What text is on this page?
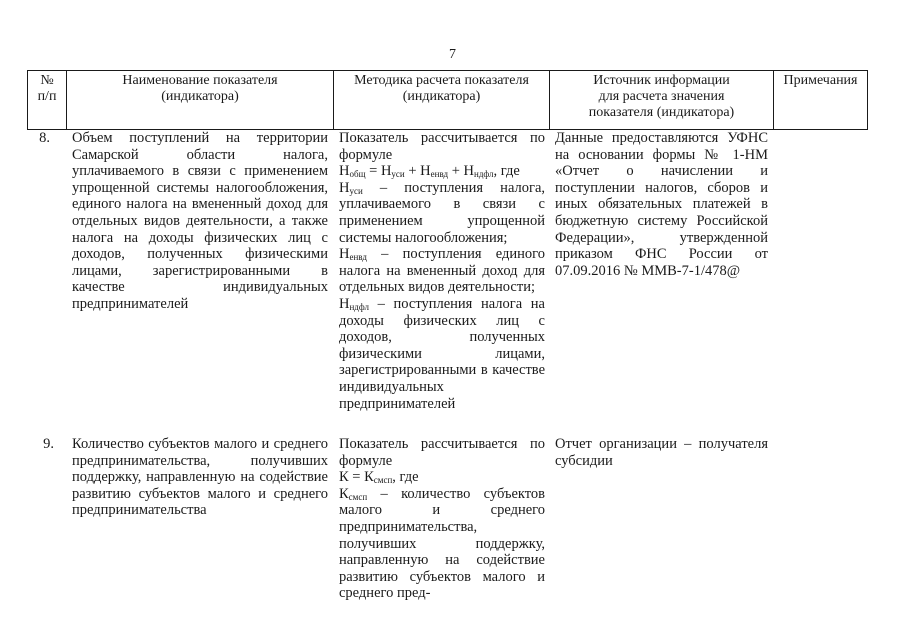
7
№
п/п
Наименование показателя
(индикатора)
Методика расчета показателя
(индикатора)
Источник информации
для расчета значения
показателя (индикатора)
Примечания
8. Объем поступлений на территории Самарской области налога, уплачиваемого в связи с применением упрощенной системы налогообложения, единого налога на вмененный доход для отдельных видов деятельности, а также налога на доходы физических лиц с доходов, полученных физическими лицами, зарегистрированными в качестве индивидуальных предпринимателей
Показатель рассчитывается по формуле
$Н_{общ} = Н_{уси} + Н_{енвд} + Н_{ндфл}$, где
$Н_{уси}$ – поступления налога, уплачиваемого в связи с применением упрощенной системы налогообложения;
$Н_{енвд}$ – поступления единого налога на вмененный доход для отдельных видов деятельности;
$Н_{ндфл}$ – поступления налога на доходы физических лиц с доходов, полученных физическими лицами, зарегистрированными в качестве индивидуальных предпринимателей
Данные предоставляются УФНС на основании формы № 1-НМ «Отчет о начислении и поступлении налогов, сборов и иных обязательных платежей в бюджетную систему Российской Федерации», утвержденной приказом ФНС России от 07.09.2016 № ММВ-7-1/478@
9. Количество субъектов малого и среднего предпринимательства, получивших поддержку, направленную на содействие развитию субъектов малого и среднего предпринимательства
Показатель рассчитывается по формуле
$К = К_{смсп}$, где
$К_{смсп}$ – количество субъектов малого и среднего предпринимательства, получивших поддержку, направленную на содействие развитию субъектов малого и среднего пред-
Отчет организации – получателя субсидии
